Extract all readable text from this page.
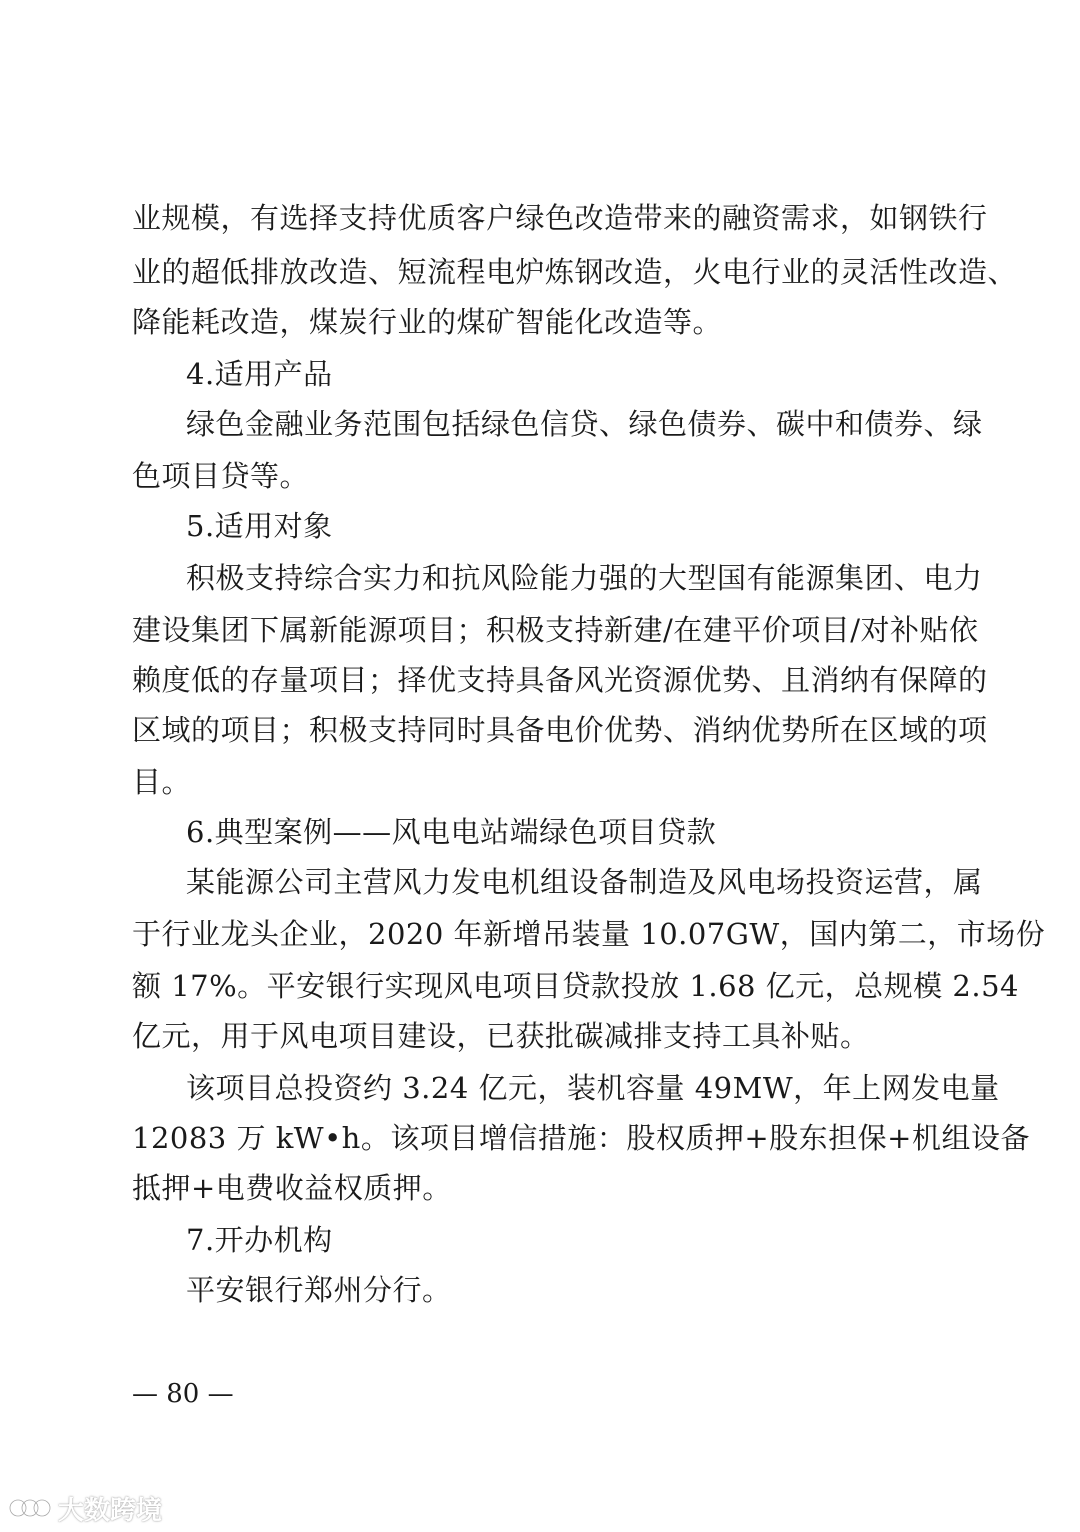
业规模，有选择支持优质客户绿色改造带来的融资需求，如钢铁行
业的超低排放改造、短流程电炉炼钢改造，火电行业的灵活性改造、
降能耗改造，煤炭行业的煤矿智能化改造等。
4.适用产品
绿色金融业务范围包括绿色信贷、绿色债券、碳中和债券、绿
色项目贷等。
5.适用对象
积极支持综合实力和抗风险能力强的大型国有能源集团、电力
建设集团下属新能源项目；积极支持新建/在建平价项目/对补贴依
赖度低的存量项目；择优支持具备风光资源优势、且消纳有保障的
区域的项目；积极支持同时具备电价优势、消纳优势所在区域的项
目。
6.典型案例——风电电站端绿色项目贷款
某能源公司主营风力发电机组设备制造及风电场投资运营，属
于行业龙头企业，2020 年新增吊装量 10.07GW，国内第二，市场份
额 17%。平安银行实现风电项目贷款投放 1.68 亿元，总规模 2.54
亿元，用于风电项目建设，已获批碳减排支持工具补贴。
该项目总投资约 3.24 亿元，装机容量 49MW，年上网发电量
12083 万 kW•h。该项目增信措施：股权质押+股东担保+机组设备
抵押+电费收益权质押。
7.开办机构
平安银行郑州分行。
— 80 —
大数跨境
